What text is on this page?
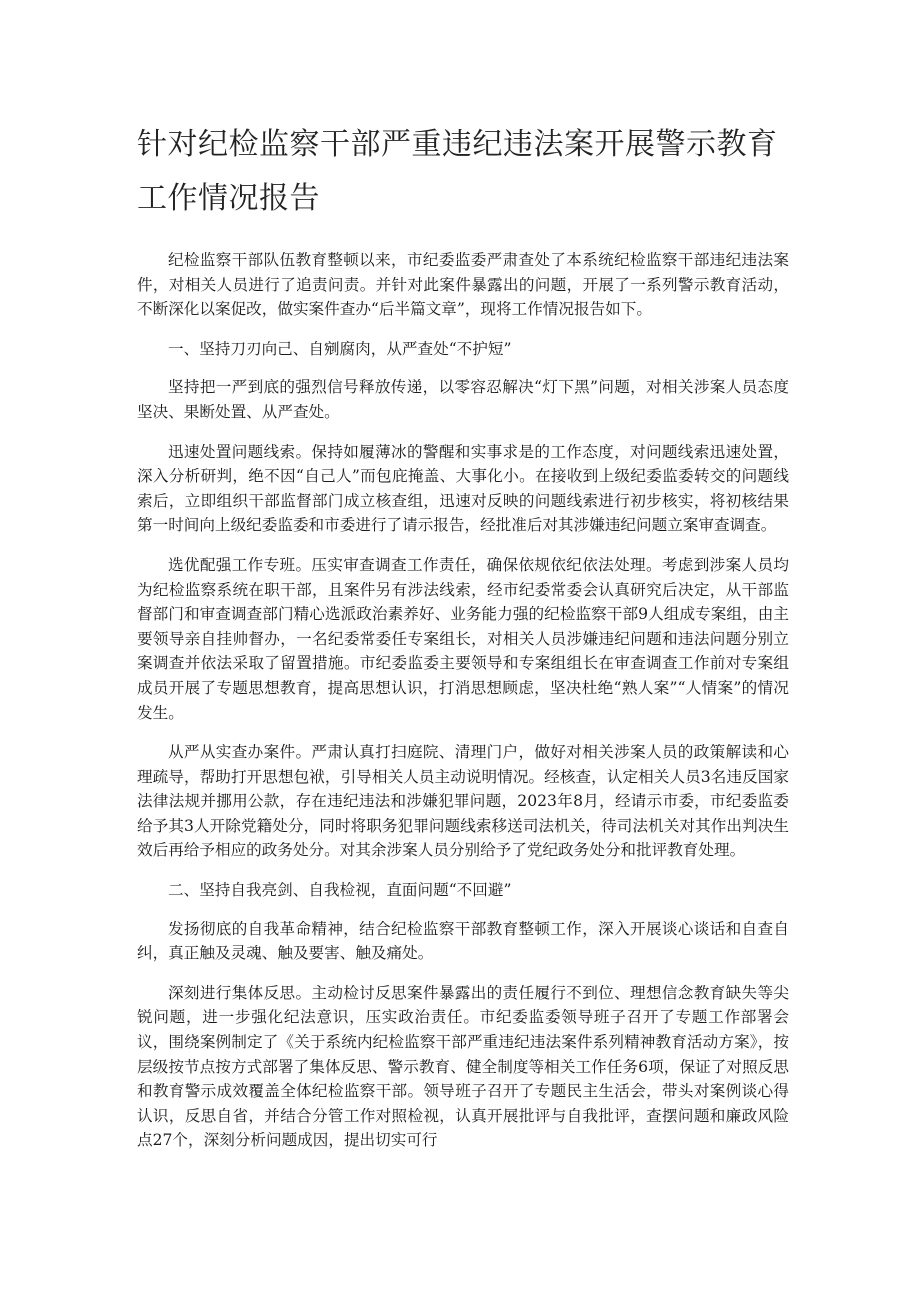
针对纪检监察干部严重违纪违法案开展警示教育工作情况报告

纪检监察干部队伍教育整顿以来，市纪委监委严肃查处了本系统纪检监察干部违纪违法案件，对相关人员进行了追责问责。并针对此案件暴露出的问题，开展了一系列警示教育活动，不断深化以案促改，做实案件查办“后半篇文章”，现将工作情况报告如下。

一、坚持刀刃向己、自剜腐肉，从严查处“不护短”

坚持把一严到底的强烈信号释放传递，以零容忍解决“灯下黑”问题，对相关涉案人员态度坚决、果断处置、从严查处。

迅速处置问题线索。保持如履薄冰的警醒和实事求是的工作态度，对问题线索迅速处置，深入分析研判，绝不因“自己人”而包庇掩盖、大事化小。在接收到上级纪委监委转交的问题线索后，立即组织干部监督部门成立核查组，迅速对反映的问题线索进行初步核实，将初核结果第一时间向上级纪委监委和市委进行了请示报告，经批准后对其涉嫌违纪问题立案审查调查。

选优配强工作专班。压实审查调查工作责任，确保依规依纪依法处理。考虑到涉案人员均为纪检监察系统在职干部，且案件另有涉法线索，经市纪委常委会认真研究后决定，从干部监督部门和审查调查部门精心选派政治素养好、业务能力强的纪检监察干部9人组成专案组，由主要领导亲自挂帅督办，一名纪委常委任专案组长，对相关人员涉嫌违纪问题和违法问题分别立案调查并依法采取了留置措施。市纪委监委主要领导和专案组组长在审查调查工作前对专案组成员开展了专题思想教育，提高思想认识，打消思想顾虑，坚决杜绝“熟人案”“人情案”的情况发生。

从严从实查办案件。严肃认真打扫庭院、清理门户，做好对相关涉案人员的政策解读和心理疏导，帮助打开思想包袱，引导相关人员主动说明情况。经核查，认定相关人员3名违反国家法律法规并挪用公款，存在违纪违法和涉嫌犯罪问题，2023年8月，经请示市委，市纪委监委给予其3人开除党籍处分，同时将职务犯罪问题线索移送司法机关，待司法机关对其作出判决生效后再给予相应的政务处分。对其余涉案人员分别给予了党纪政务处分和批评教育处理。

二、坚持自我亮剑、自我检视，直面问题“不回避”

发扬彻底的自我革命精神，结合纪检监察干部教育整顿工作，深入开展谈心谈话和自查自纠，真正触及灵魂、触及要害、触及痛处。

深刻进行集体反思。主动检讨反思案件暴露出的责任履行不到位、理想信念教育缺失等尖锐问题，进一步强化纪法意识，压实政治责任。市纪委监委领导班子召开了专题工作部署会议，围绕案例制定了《关于系统内纪检监察干部严重违纪违法案件系列精神教育活动方案》，按层级按节点按方式部署了集体反思、警示教育、健全制度等相关工作任务6项，保证了对照反思和教育警示成效覆盖全体纪检监察干部。领导班子召开了专题民主生活会，带头对案例谈心得认识，反思自省，并结合分管工作对照检视，认真开展批评与自我批评，查摆问题和廉政风险点27个，深刻分析问题成因，提出切实可行
